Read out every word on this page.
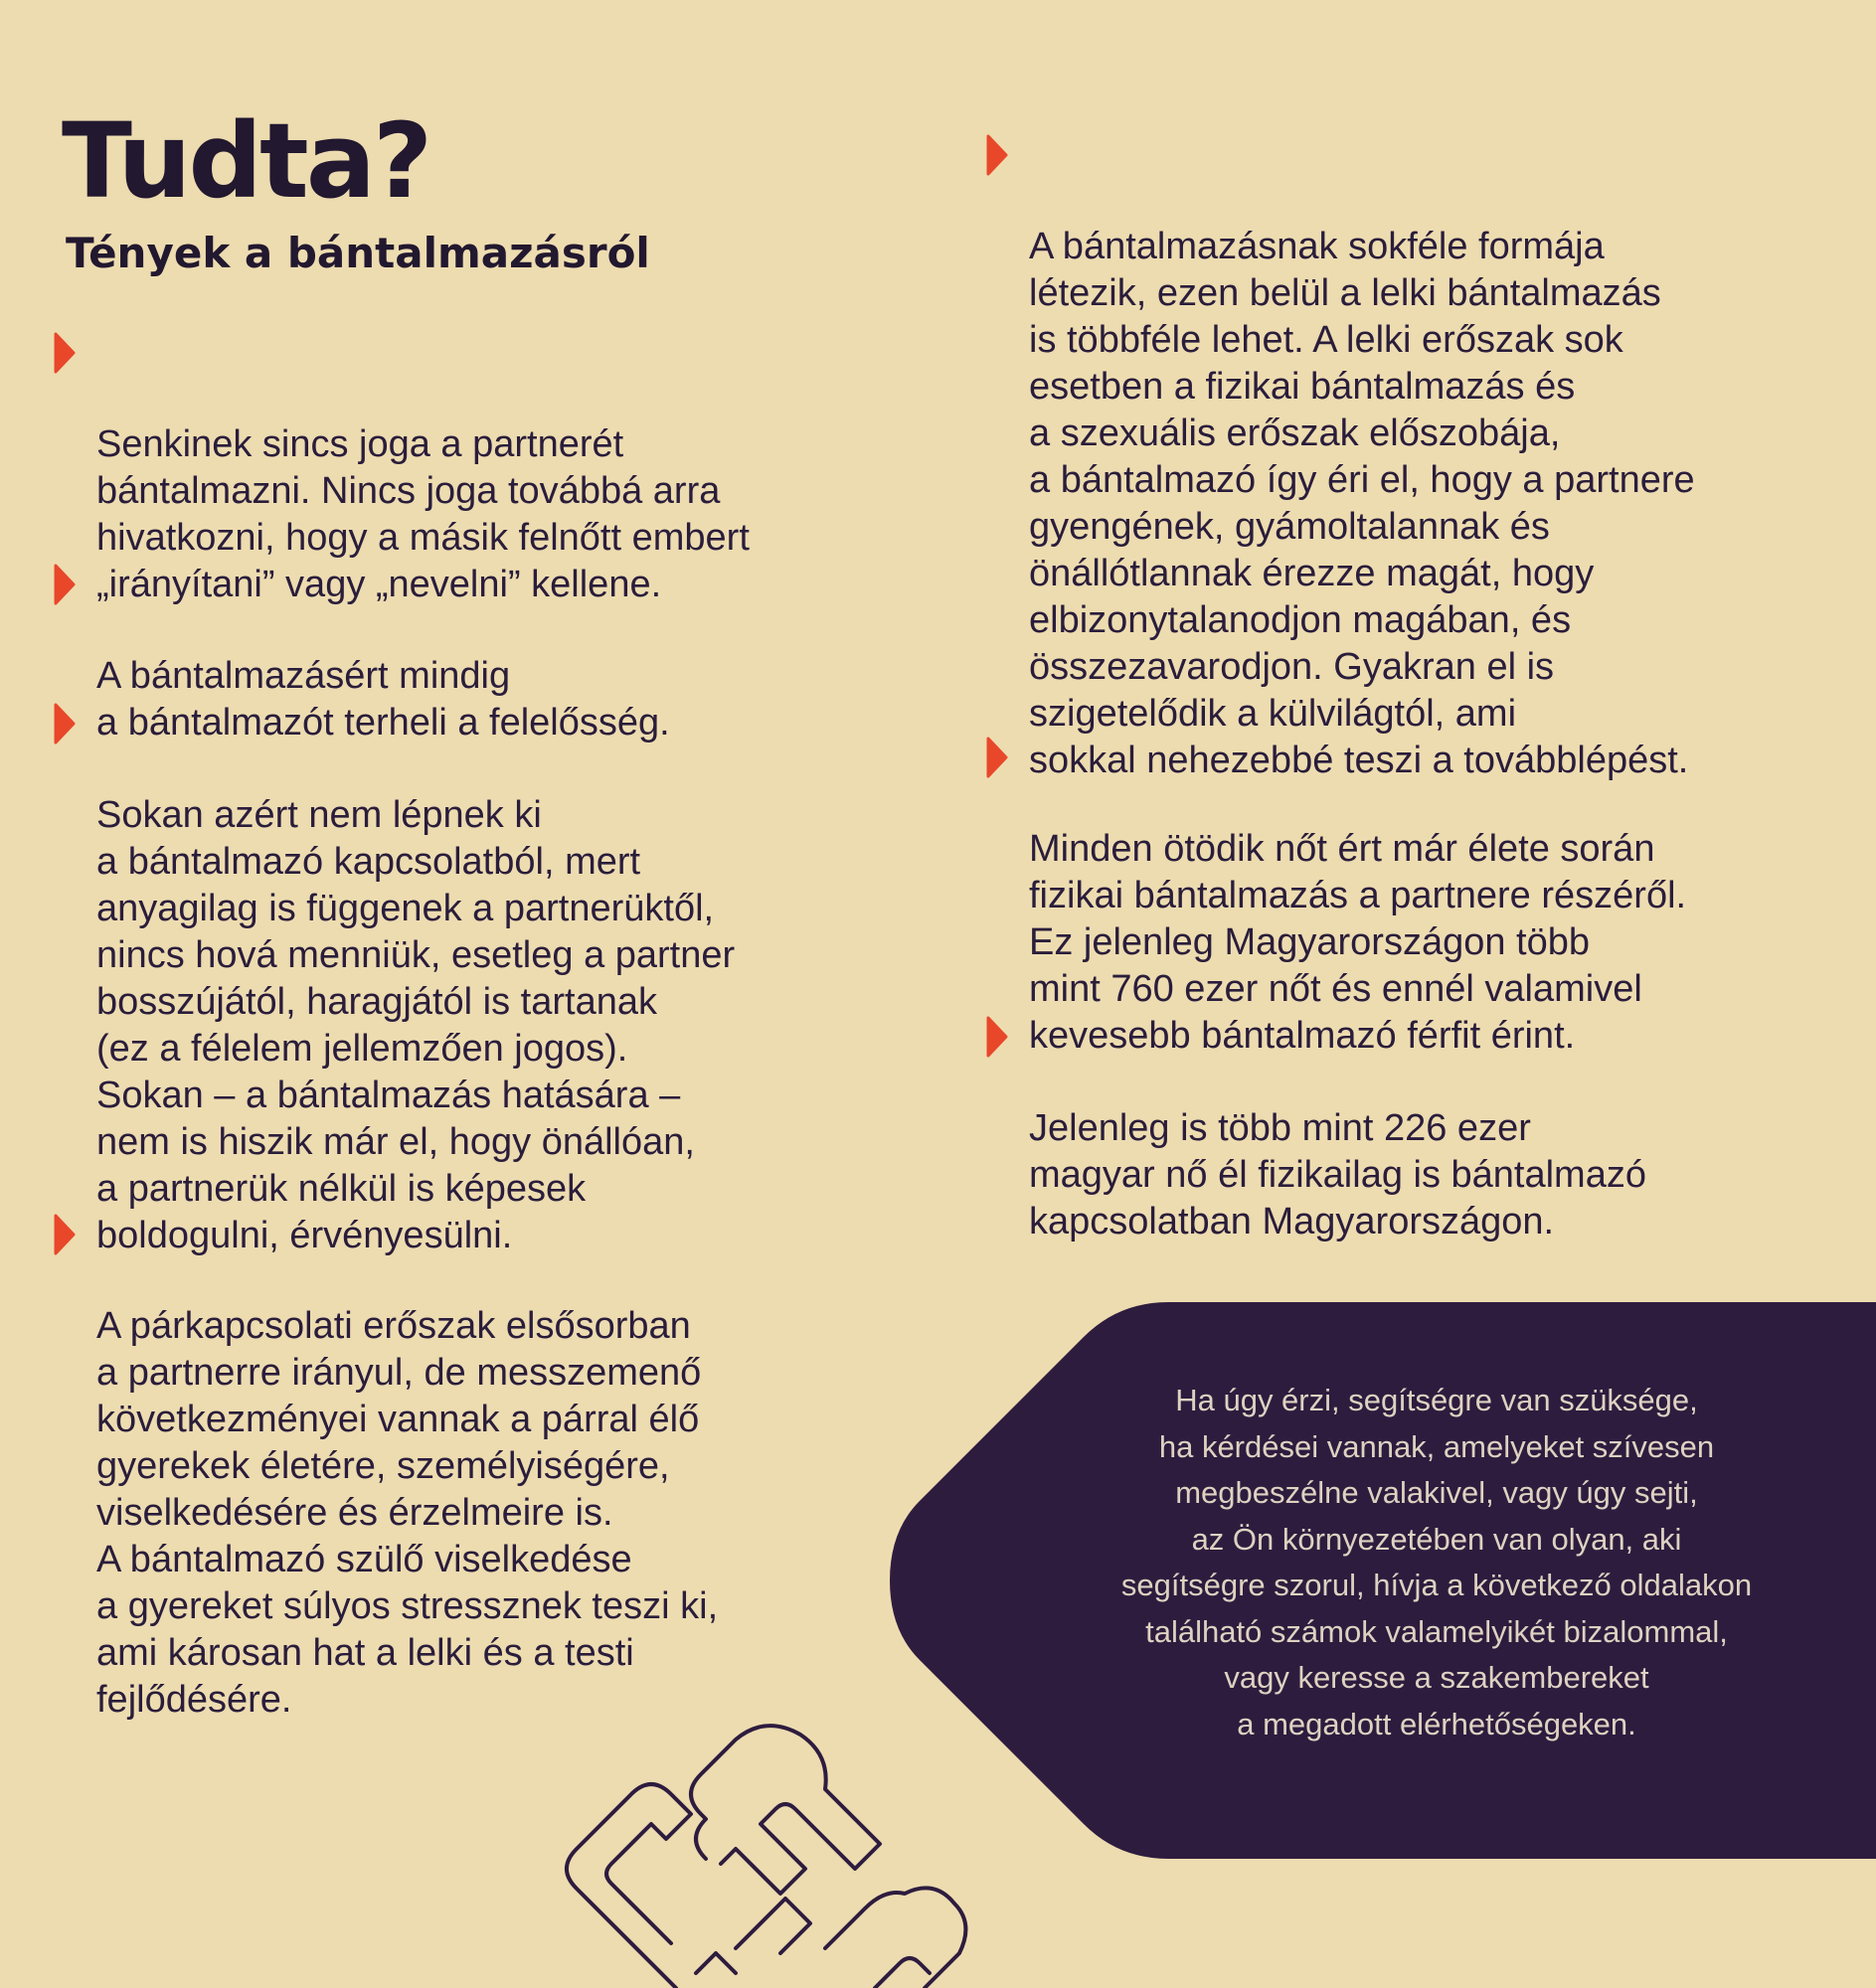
Tudta?
Tények a bántalmazásról

Senkinek sincs joga a partnerét
bántalmazni. Nincs joga továbbá arra
hivatkozni, hogy a másik felnőtt embert
„irányítani” vagy „nevelni” kellene.

A bántalmazásért mindig
a bántalmazót terheli a felelősség.

Sokan azért nem lépnek ki
a bántalmazó kapcsolatból, mert
anyagilag is függenek a partnerüktől,
nincs hová menniük, esetleg a partner
bosszújától, haragjától is tartanak
(ez a félelem jellemzően jogos).
Sokan – a bántalmazás hatására –
nem is hiszik már el, hogy önállóan,
a partnerük nélkül is képesek
boldogulni, érvényesülni.

A párkapcsolati erőszak elsősorban
a partnerre irányul, de messzemenő
következményei vannak a párral élő
gyerekek életére, személyiségére,
viselkedésére és érzelmeire is.
A bántalmazó szülő viselkedése
a gyereket súlyos stressznek teszi ki,
ami károsan hat a lelki és a testi
fejlődésére.

A bántalmazásnak sokféle formája
létezik, ezen belül a lelki bántalmazás
is többféle lehet. A lelki erőszak sok
esetben a fizikai bántalmazás és
a szexuális erőszak előszobája,
a bántalmazó így éri el, hogy a partnere
gyengének, gyámoltalannak és
önállótlannak érezze magát, hogy
elbizonytalanodjon magában, és
összezavarodjon. Gyakran el is
szigetelődik a külvilágtól, ami
sokkal nehezebbé teszi a továbblépést.

Minden ötödik nőt ért már élete során
fizikai bántalmazás a partnere részéről.
Ez jelenleg Magyarországon több
mint 760 ezer nőt és ennél valamivel
kevesebb bántalmazó férfit érint.

Jelenleg is több mint 226 ezer
magyar nő él fizikailag is bántalmazó
kapcsolatban Magyarországon.

Ha úgy érzi, segítségre van szüksége,
ha kérdései vannak, amelyeket szívesen
megbeszélne valakivel, vagy úgy sejti,
az Ön környezetében van olyan, aki
segítségre szorul, hívja a következő oldalakon
található számok valamelyikét bizalommal,
vagy keresse a szakembereket
a megadott elérhetőségeken.
